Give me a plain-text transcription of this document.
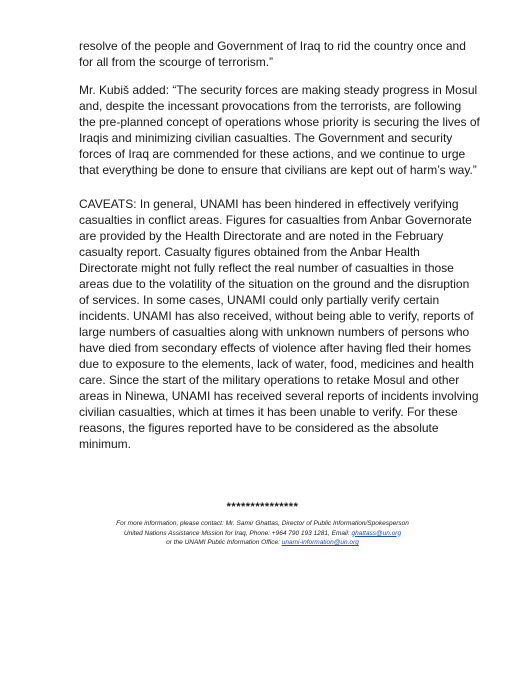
resolve of the people and Government of Iraq to rid the country once and for all from the scourge of terrorism.”

Mr. Kubiš added: “The security forces are making steady progress in Mosul and, despite the incessant provocations from the terrorists, are following the pre-planned concept of operations whose priority is securing the lives of Iraqis and minimizing civilian casualties. The Government and security forces of Iraq are commended for these actions, and we continue to urge that everything be done to ensure that civilians are kept out of harm’s way.”

CAVEATS: In general, UNAMI has been hindered in effectively verifying casualties in conflict areas. Figures for casualties from Anbar Governorate are provided by the Health Directorate and are noted in the February casualty report. Casualty figures obtained from the Anbar Health Directorate might not fully reflect the real number of casualties in those areas due to the volatility of the situation on the ground and the disruption of services. In some cases, UNAMI could only partially verify certain incidents. UNAMI has also received, without being able to verify, reports of large numbers of casualties along with unknown numbers of persons who have died from secondary effects of violence after having fled their homes due to exposure to the elements, lack of water, food, medicines and health care. Since the start of the military operations to retake Mosul and other areas in Ninewa, UNAMI has received several reports of incidents involving civilian casualties, which at times it has been unable to verify. For these reasons, the figures reported have to be considered as the absolute minimum.

***************
For more information, please contact: Mr. Samir Ghattas, Director of Public Information/Spokesperson
United Nations Assistance Mission for Iraq, Phone: +964 790 193 1281, Email: ghattass@un.org
or the UNAMI Public Information Office: unami-information@un.org
